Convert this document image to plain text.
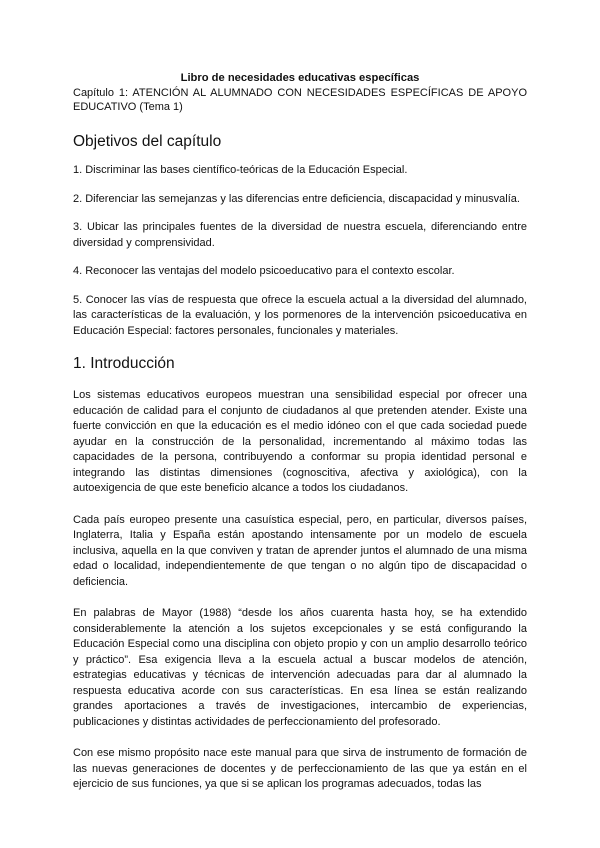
Libro de necesidades educativas específicas

Capítulo 1: ATENCIÓN AL ALUMNADO CON NECESIDADES ESPECÍFICAS DE APOYO EDUCATIVO (Tema 1)

Objetivos del capítulo

1. Discriminar las bases científico-teóricas de la Educación Especial.

2. Diferenciar las semejanzas y las diferencias entre deficiencia, discapacidad y minusvalía.

3. Ubicar las principales fuentes de la diversidad de nuestra escuela, diferenciando entre diversidad y comprensividad.

4. Reconocer las ventajas del modelo psicoeducativo para el contexto escolar.

5. Conocer las vías de respuesta que ofrece la escuela actual a la diversidad del alumnado, las características de la evaluación, y los pormenores de la intervención psicoeducativa en Educación Especial: factores personales, funcionales y materiales.

1. Introducción

Los sistemas educativos europeos muestran una sensibilidad especial por ofrecer una educación de calidad para el conjunto de ciudadanos al que pretenden atender. Existe una fuerte convicción en que la educación es el medio idóneo con el que cada sociedad puede ayudar en la construcción de la personalidad, incrementando al máximo todas las capacidades de la persona, contribuyendo a conformar su propia identidad personal e integrando las distintas dimensiones (cognoscitiva, afectiva y axiológica), con la autoexigencia de que este beneficio alcance a todos los ciudadanos.

Cada país europeo presente una casuística especial, pero, en particular, diversos países, Inglaterra, Italia y España están apostando intensamente por un modelo de escuela inclusiva, aquella en la que conviven y tratan de aprender juntos el alumnado de una misma edad o localidad, independientemente de que tengan o no algún tipo de discapacidad o deficiencia.

En palabras de Mayor (1988) “desde los años cuarenta hasta hoy, se ha extendido considerablemente la atención a los sujetos excepcionales y se está configurando la Educación Especial como una disciplina con objeto propio y con un amplio desarrollo teórico y práctico”. Esa exigencia lleva a la escuela actual a buscar modelos de atención, estrategias educativas y técnicas de intervención adecuadas para dar al alumnado la respuesta educativa acorde con sus características. En esa línea se están realizando grandes aportaciones a través de investigaciones, intercambio de experiencias, publicaciones y distintas actividades de perfeccionamiento del profesorado.

Con ese mismo propósito nace este manual para que sirva de instrumento de formación de las nuevas generaciones de docentes y de perfeccionamiento de las que ya están en el ejercicio de sus funciones, ya que si se aplican los programas adecuados, todas las
